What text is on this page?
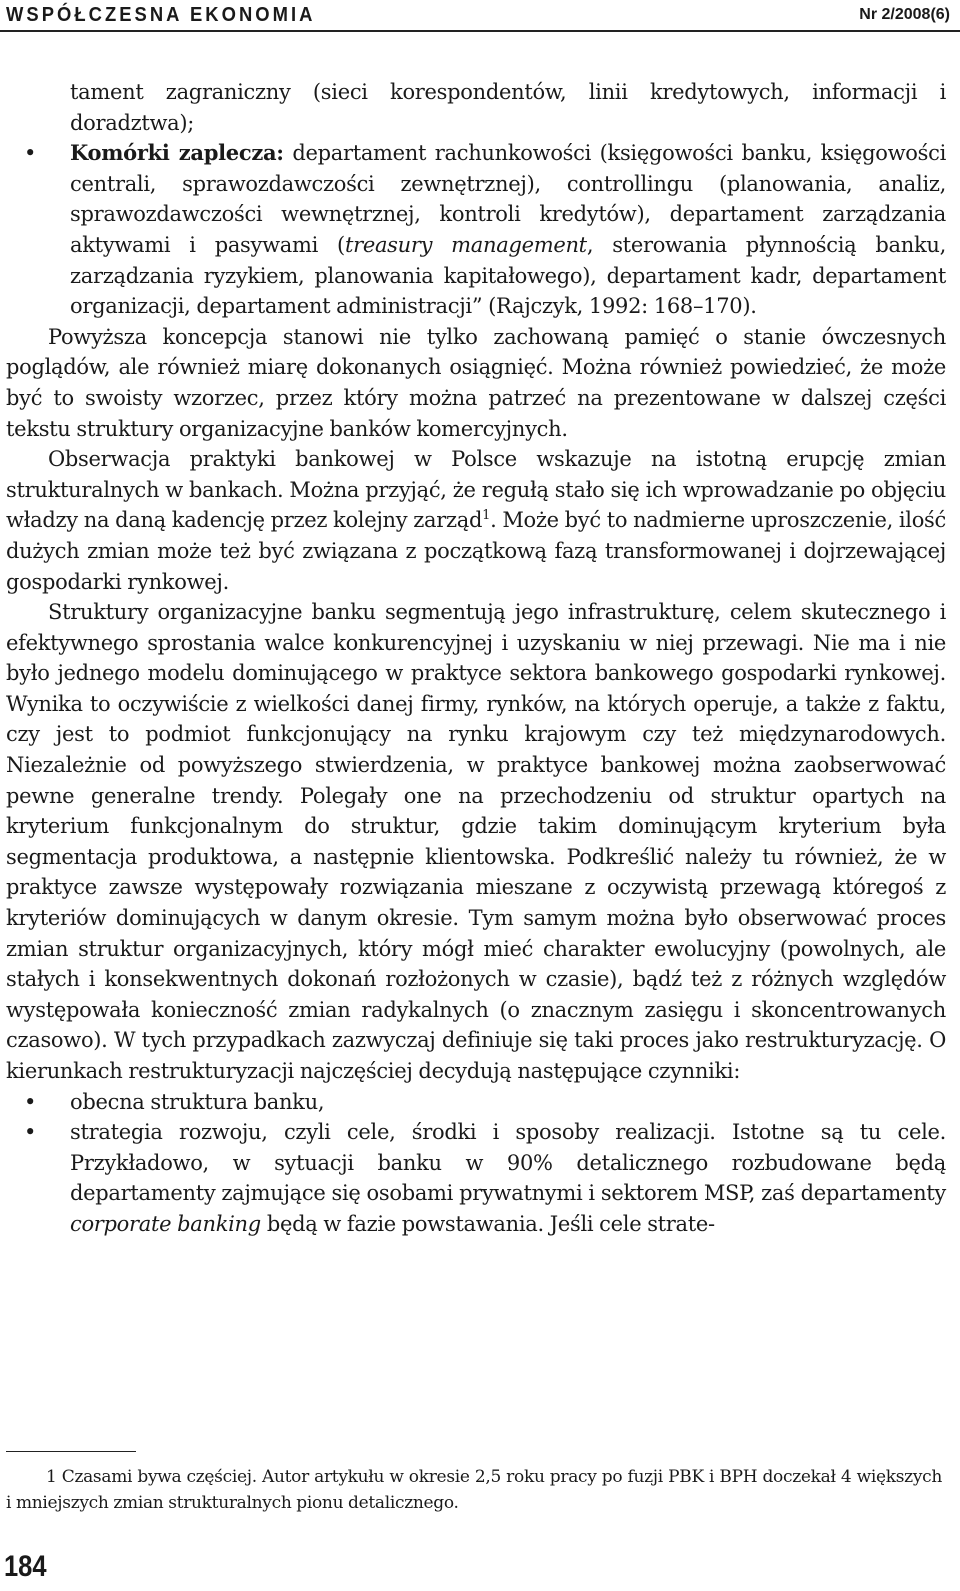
WSPÓŁCZESNA EKONOMIA	Nr 2/2008(6)

tament zagraniczny (sieci korespondentów, linii kredytowych, informacji i doradztwa);

• Komórki zaplecza: departament rachunkowości (księgowości banku, księgowości centrali, sprawozdawczości zewnętrznej), controllingu (planowania, analiz, sprawozdawczości wewnętrznej, kontroli kredytów), departament zarządzania aktywami i pasywami (treasury management, sterowania płynnością banku, zarządzania ryzykiem, planowania kapitałowego), departament kadr, departament organizacji, departament administracji” (Rajczyk, 1992: 168–170).

Powyższa koncepcja stanowi nie tylko zachowaną pamięć o stanie ówczesnych poglądów, ale również miarę dokonanych osiągnięć. Można również powiedzieć, że może być to swoisty wzorzec, przez który można patrzeć na prezentowane w dalszej części tekstu struktury organizacyjne banków komercyjnych.

Obserwacja praktyki bankowej w Polsce wskazuje na istotną erupcję zmian strukturalnych w bankach. Można przyjąć, że regułą stało się ich wprowadzanie po objęciu władzy na daną kadencję przez kolejny zarząd$^1$. Może być to nadmierne uproszczenie, ilość dużych zmian może też być związana z początkową fazą transformowanej i dojrzewającej gospodarki rynkowej.

Struktury organizacyjne banku segmentują jego infrastrukturę, celem skutecznego i efektywnego sprostania walce konkurencyjnej i uzyskaniu w niej przewagi. Nie ma i nie było jednego modelu dominującego w praktyce sektora bankowego gospodarki rynkowej. Wynika to oczywiście z wielkości danej firmy, rynków, na których operuje, a także z faktu, czy jest to podmiot funkcjonujący na rynku krajowym czy też międzynarodowych. Niezależnie od powyższego stwierdzenia, w praktyce bankowej można zaobserwować pewne generalne trendy. Polegały one na przechodzeniu od struktur opartych na kryterium funkcjonalnym do struktur, gdzie takim dominującym kryterium była segmentacja produktowa, a następnie klientowska. Podkreślić należy tu również, że w praktyce zawsze występowały rozwiązania mieszane z oczywistą przewagą któregoś z kryteriów dominujących w danym okresie. Tym samym można było obserwować proces zmian struktur organizacyjnych, który mógł mieć charakter ewolucyjny (powolnych, ale stałych i konsekwentnych dokonań rozłożonych w czasie), bądź też z różnych względów występowała konieczność zmian radykalnych (o znacznym zasięgu i skoncentrowanych czasowo). W tych przypadkach zazwyczaj definiuje się taki proces jako restrukturyzację. O kierunkach restrukturyzacji najczęściej decydują następujące czynniki:

• obecna struktura banku,

• strategia rozwoju, czyli cele, środki i sposoby realizacji. Istotne są tu cele. Przykładowo, w sytuacji banku w 90% detalicznego rozbudowane będą departamenty zajmujące się osobami prywatnymi i sektorem MSP, zaś departamenty corporate banking będą w fazie powstawania. Jeśli cele strate-

1 Czasami bywa częściej. Autor artykułu w okresie 2,5 roku pracy po fuzji PBK i BPH doczekał 4 większych i mniejszych zmian strukturalnych pionu detalicznego.
184
